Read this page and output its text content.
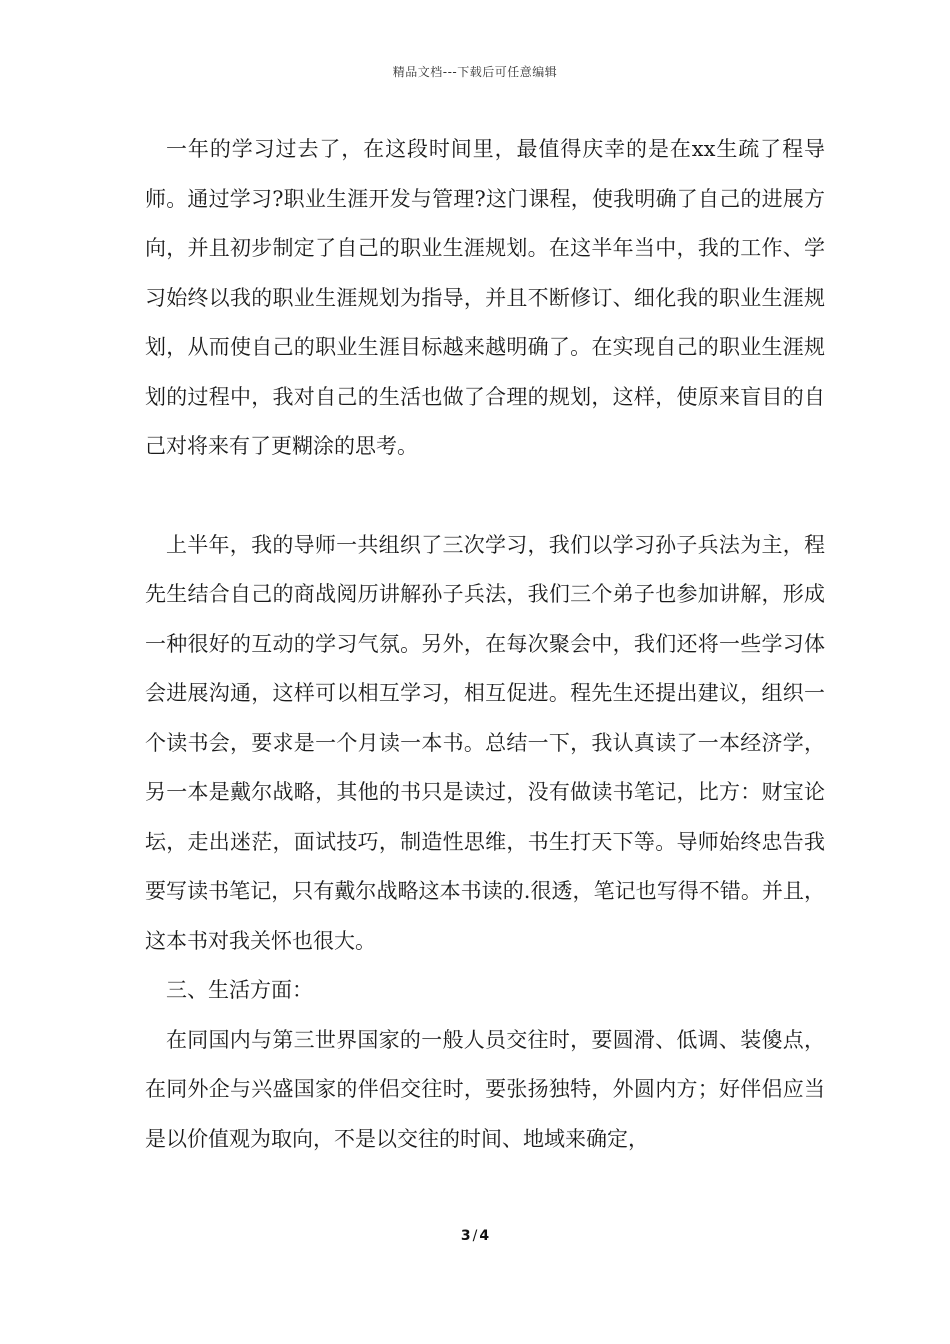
精品文档---下载后可任意编辑

一年的学习过去了，在这段时间里，最值得庆幸的是在xx生疏了程导师。通过学习?职业生涯开发与管理?这门课程，使我明确了自己的进展方向，并且初步制定了自己的职业生涯规划。在这半年当中，我的工作、学习始终以我的职业生涯规划为指导，并且不断修订、细化我的职业生涯规划，从而使自己的职业生涯目标越来越明确了。在实现自己的职业生涯规划的过程中，我对自己的生活也做了合理的规划，这样，使原来盲目的自己对将来有了更糊涂的思考。

上半年，我的导师一共组织了三次学习，我们以学习孙子兵法为主，程先生结合自己的商战阅历讲解孙子兵法，我们三个弟子也参加讲解，形成一种很好的互动的学习气氛。另外，在每次聚会中，我们还将一些学习体会进展沟通，这样可以相互学习，相互促进。程先生还提出建议，组织一个读书会，要求是一个月读一本书。总结一下，我认真读了一本经济学，另一本是戴尔战略，其他的书只是读过，没有做读书笔记，比方：财宝论坛，走出迷茫，面试技巧，制造性思维，书生打天下等。导师始终忠告我要写读书笔记，只有戴尔战略这本书读的.很透，笔记也写得不错。并且，这本书对我关怀也很大。

三、生活方面：

在同国内与第三世界国家的一般人员交往时，要圆滑、低调、装傻点，在同外企与兴盛国家的伴侣交往时，要张扬独特，外圆内方；好伴侣应当是以价值观为取向，不是以交往的时间、地域来确定，

3 / 4
